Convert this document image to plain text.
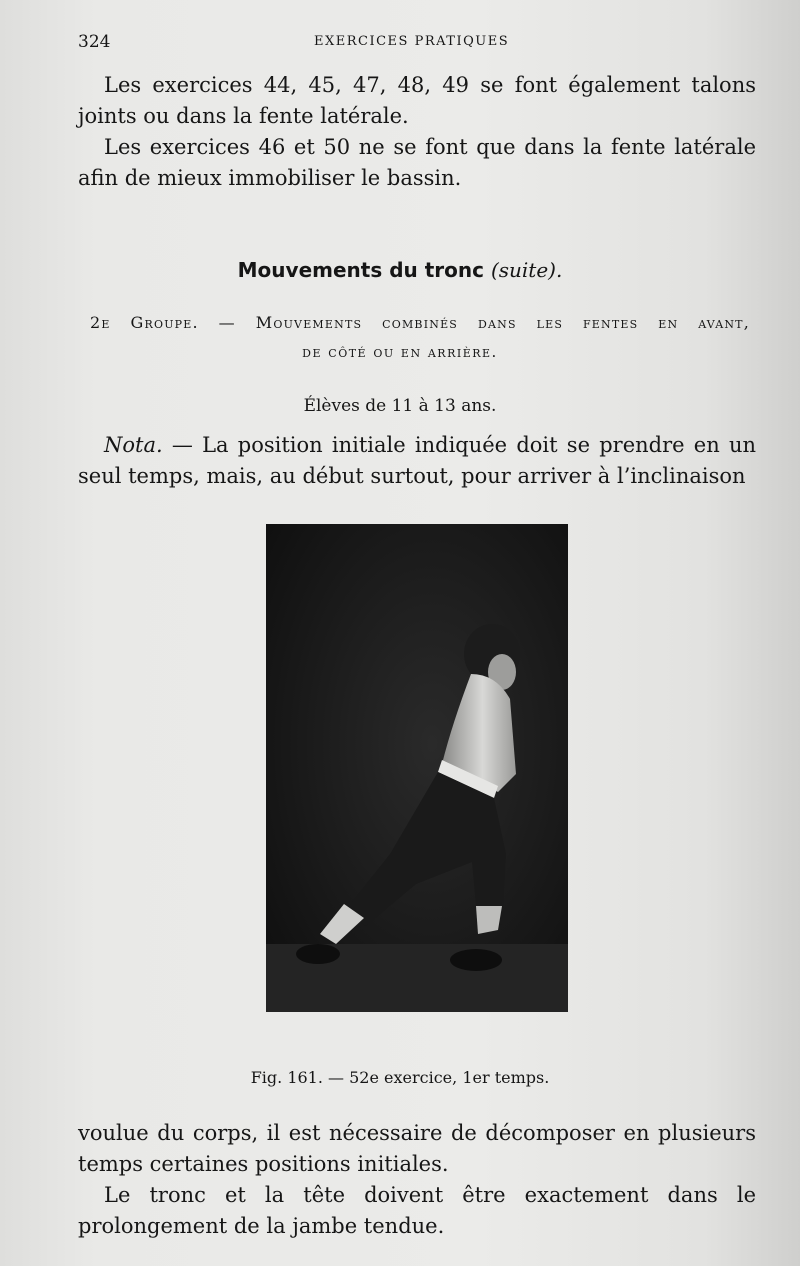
324	EXERCICES PRATIQUES

Les exercices 44, 45, 47, 48, 49 se font également talons joints ou dans la fente latérale.

Les exercices 46 et 50 ne se font que dans la fente latérale afin de mieux immobiliser le bassin.

Mouvements du tronc (suite).
2e Groupe. — Mouvements combinés dans les fentes en avant,
de côté ou en arrière.
Élèves de 11 à 13 ans.

Nota. — La position initiale indiquée doit se prendre en un seul temps, mais, au début surtout, pour arriver à l’inclinaison

Fig. 161. — 52e exercice, 1er temps.

voulue du corps, il est nécessaire de décomposer en plusieurs temps certaines positions initiales.

Le tronc et la tête doivent être exactement dans le prolongement de la jambe tendue.
